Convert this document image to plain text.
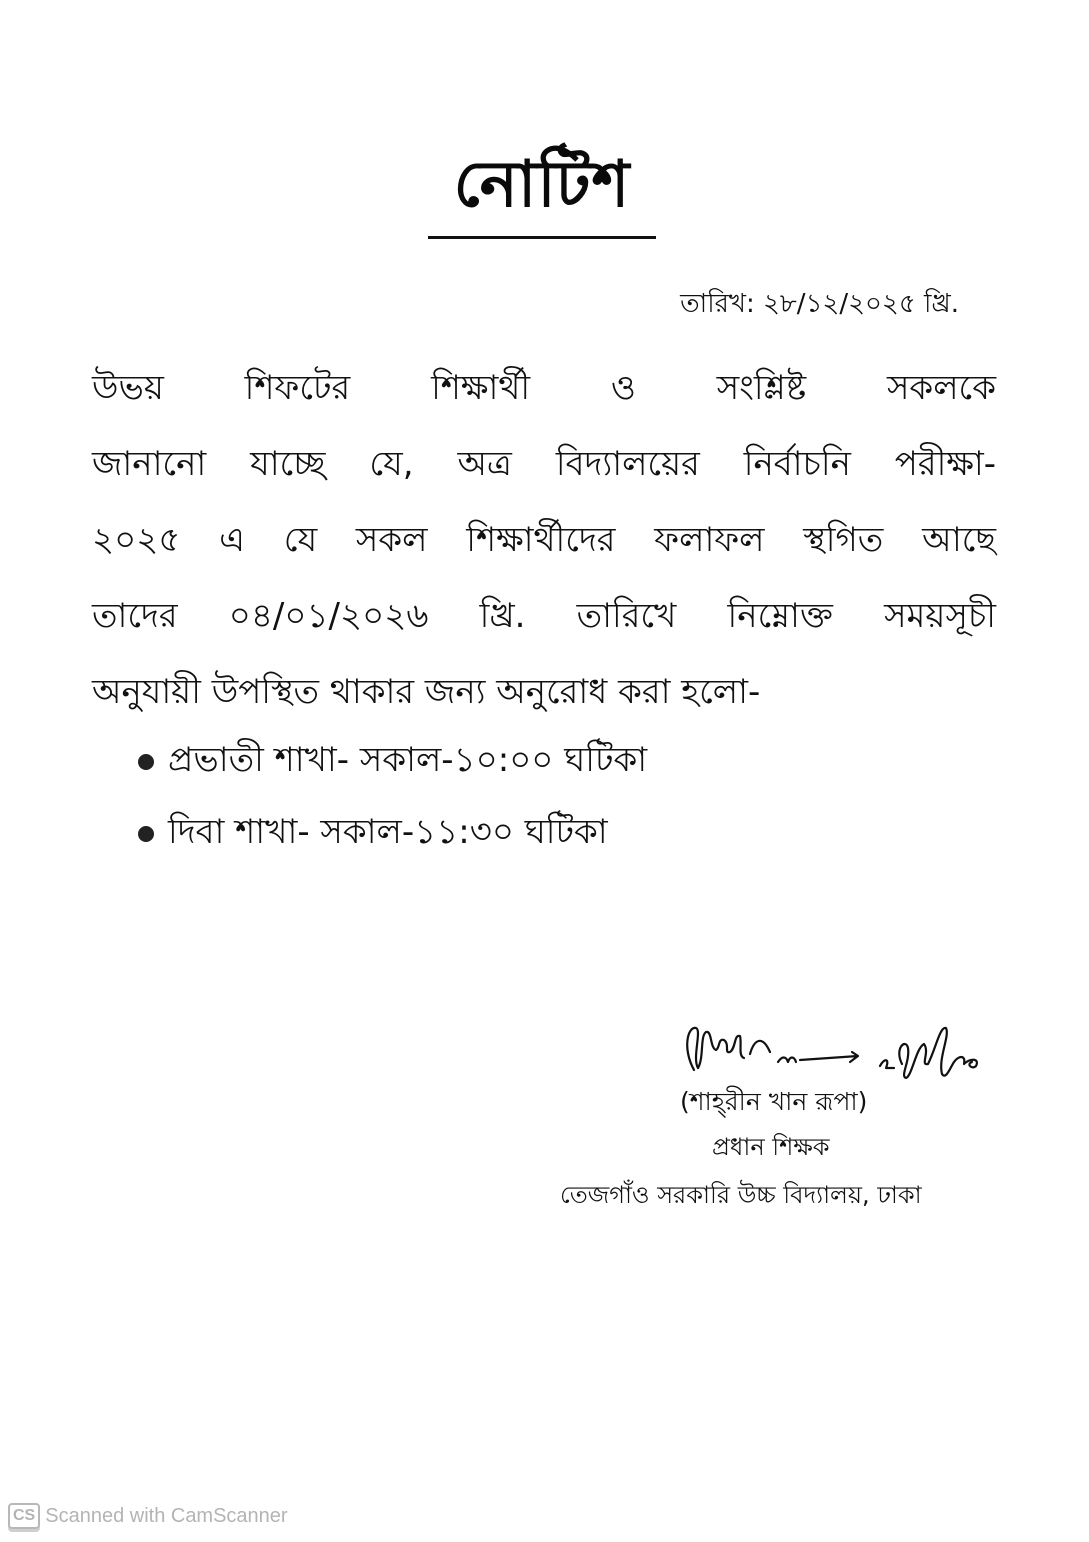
নোটিশ
তারিখ: ২৮/১২/২০২৫ খ্রি.
উভয় শিফটের শিক্ষার্থী ও সংশ্লিষ্ট সকলকে
জানানো যাচ্ছে যে, অত্র বিদ্যালয়ের নির্বাচনি পরীক্ষা-
২০২৫ এ যে সকল শিক্ষার্থীদের ফলাফল স্থগিত আছে
তাদের ০৪/০১/২০২৬ খ্রি. তারিখে নিম্নোক্ত সময়সূচী
অনুযায়ী উপস্থিত থাকার জন্য অনুরোধ করা হলো-
প্রভাতী শাখা- সকাল-১০:০০ ঘটিকা
দিবা শাখা- সকাল-১১:৩০ ঘটিকা
(শাহ্‌রীন খান রূপা)
প্রধান শিক্ষক
তেজগাঁও সরকারি উচ্চ বিদ্যালয়, ঢাকা
CS Scanned with CamScanner
